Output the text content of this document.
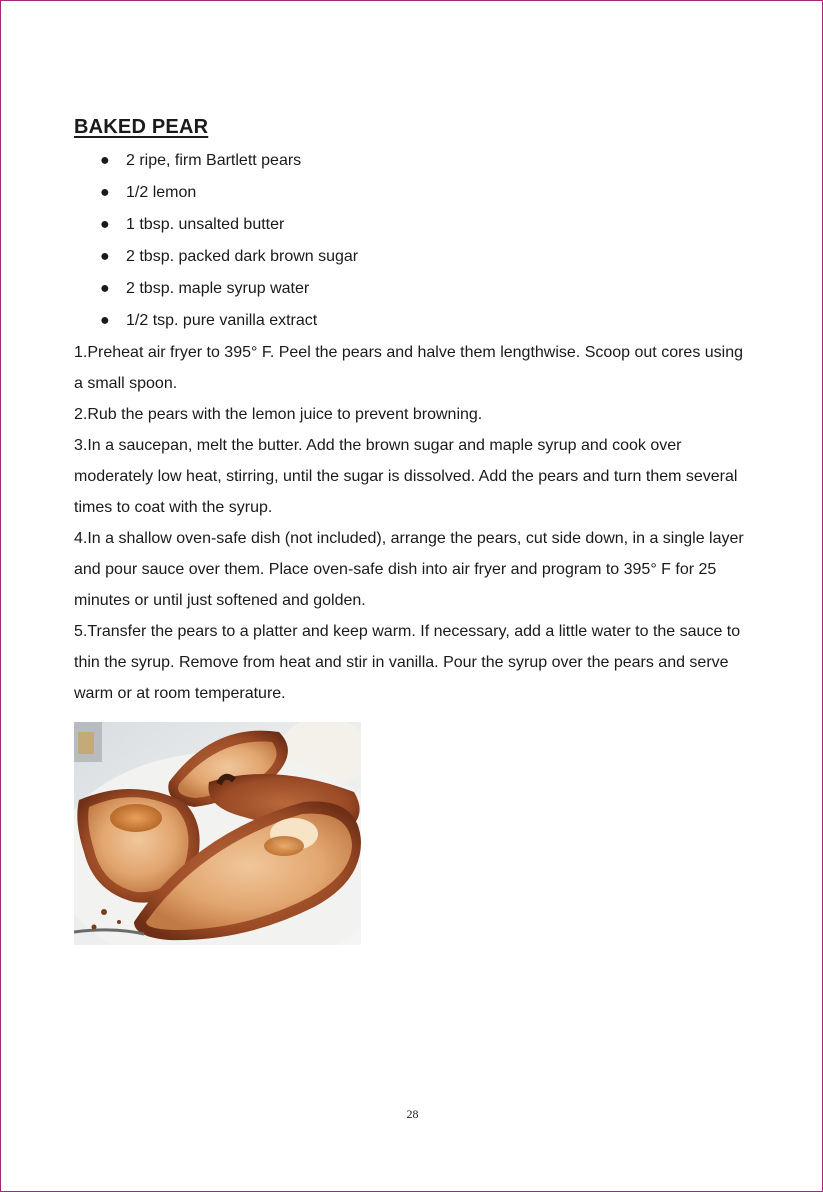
BAKED PEAR
● 2 ripe, firm Bartlett pears
● 1/2 lemon
● 1 tbsp. unsalted butter
● 2 tbsp. packed dark brown sugar
● 2 tbsp. maple syrup water
● 1/2 tsp. pure vanilla extract

1.Preheat air fryer to 395° F. Peel the pears and halve them lengthwise. Scoop out cores using a small spoon.

2.Rub the pears with the lemon juice to prevent browning.

3.In a saucepan, melt the butter. Add the brown sugar and maple syrup and cook over moderately low heat, stirring, until the sugar is dissolved. Add the pears and turn them several times to coat with the syrup.

4.In a shallow oven-safe dish (not included), arrange the pears, cut side down, in a single layer and pour sauce over them. Place oven-safe dish into air fryer and program to 395° F for 25 minutes or until just softened and golden.

5.Transfer the pears to a platter and keep warm. If necessary, add a little water to the sauce to thin the syrup. Remove from heat and stir in vanilla. Pour the syrup over the pears and serve warm or at room temperature.

28
